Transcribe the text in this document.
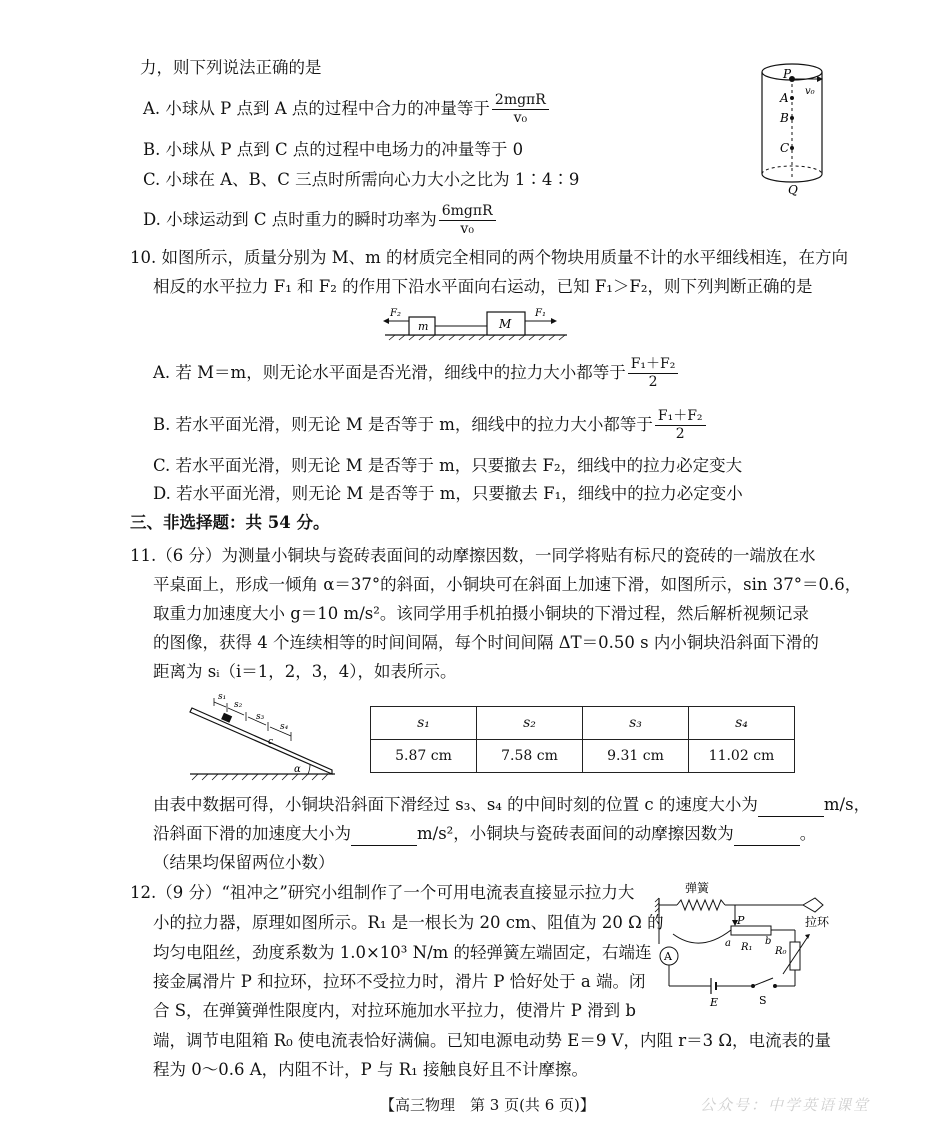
力，则下列说法正确的是
A. 小球从 P 点到 A 点的过程中合力的冲量等于 $\frac{\text{2mgπR}}{\text{v₀}}$
B. 小球从 P 点到 C 点的过程中电场力的冲量等于 0
C. 小球在 A、B、C 三点时所需向心力大小之比为 1∶4∶9
D. 小球运动到 C 点时重力的瞬时功率为 $\frac{\text{6mgπR}}{\text{v₀}}$
P
A
B
C
Q
v₀
10. 如图所示，质量分别为 M、m 的材质完全相同的两个物块用质量不计的水平细线相连，在方向
相反的水平拉力 F₁ 和 F₂ 的作用下沿水平面向右运动，已知 F₁＞F₂，则下列判断正确的是
F₂
m	M
F₁
A. 若 M＝m，则无论水平面是否光滑，细线中的拉力大小都等于 $\frac{\text{F₁＋F₂}}{2}$
B. 若水平面光滑，则无论 M 是否等于 m，细线中的拉力大小都等于 $\frac{\text{F₁＋F₂}}{2}$
C. 若水平面光滑，则无论 M 是否等于 m，只要撤去 F₂，细线中的拉力必定变大
D. 若水平面光滑，则无论 M 是否等于 m，只要撤去 F₁，细线中的拉力必定变小
三、非选择题：共 54 分。
11.（6 分）为测量小铜块与瓷砖表面间的动摩擦因数，一同学将贴有标尺的瓷砖的一端放在水
平桌面上，形成一倾角 α＝37°的斜面，小铜块可在斜面上加速下滑，如图所示，sin 37°＝0.6，
取重力加速度大小 g＝10 m/s²。该同学用手机拍摄小铜块的下滑过程，然后解析视频记录
的图像，获得 4 个连续相等的时间间隔，每个时间间隔 ΔT＝0.50 s 内小铜块沿斜面下滑的
距离为 sᵢ（i＝1，2，3，4），如表所示。
s₁
s₂
s₃
s₄
c
α
s₁	s₂	s₃	s₄
5.87 cm	7.58 cm	9.31 cm	11.02 cm
由表中数据可得，小铜块沿斜面下滑经过 s₃、s₄ 的中间时刻的位置 c 的速度大小为	m/s，
沿斜面下滑的加速度大小为	m/s²，小铜块与瓷砖表面间的动摩擦因数为	。
（结果均保留两位小数）
12.（9 分）“祖冲之”研究小组制作了一个可用电流表直接显示拉力大
小的拉力器，原理如图所示。R₁ 是一根长为 20 cm、阻值为 20 Ω 的
均匀电阻丝，劲度系数为 1.0×10³ N/m 的轻弹簧左端固定，右端连
接金属滑片 P 和拉环，拉环不受拉力时，滑片 P 恰好处于 a 端。闭
合 S，在弹簧弹性限度内，对拉环施加水平拉力，使滑片 P 滑到 b
端，调节电阻箱 R₀ 使电流表恰好满偏。已知电源电动势 E＝9 V，内阻 r＝3 Ω，电流表的量
程为 0～0.6 A，内阻不计，P 与 R₁ 接触良好且不计摩擦。
A
弹簧
拉环
P
a	b
R₁ R₀
E	S
【高三物理　第 3 页(共 6 页)】	公众号：中学英语课堂
